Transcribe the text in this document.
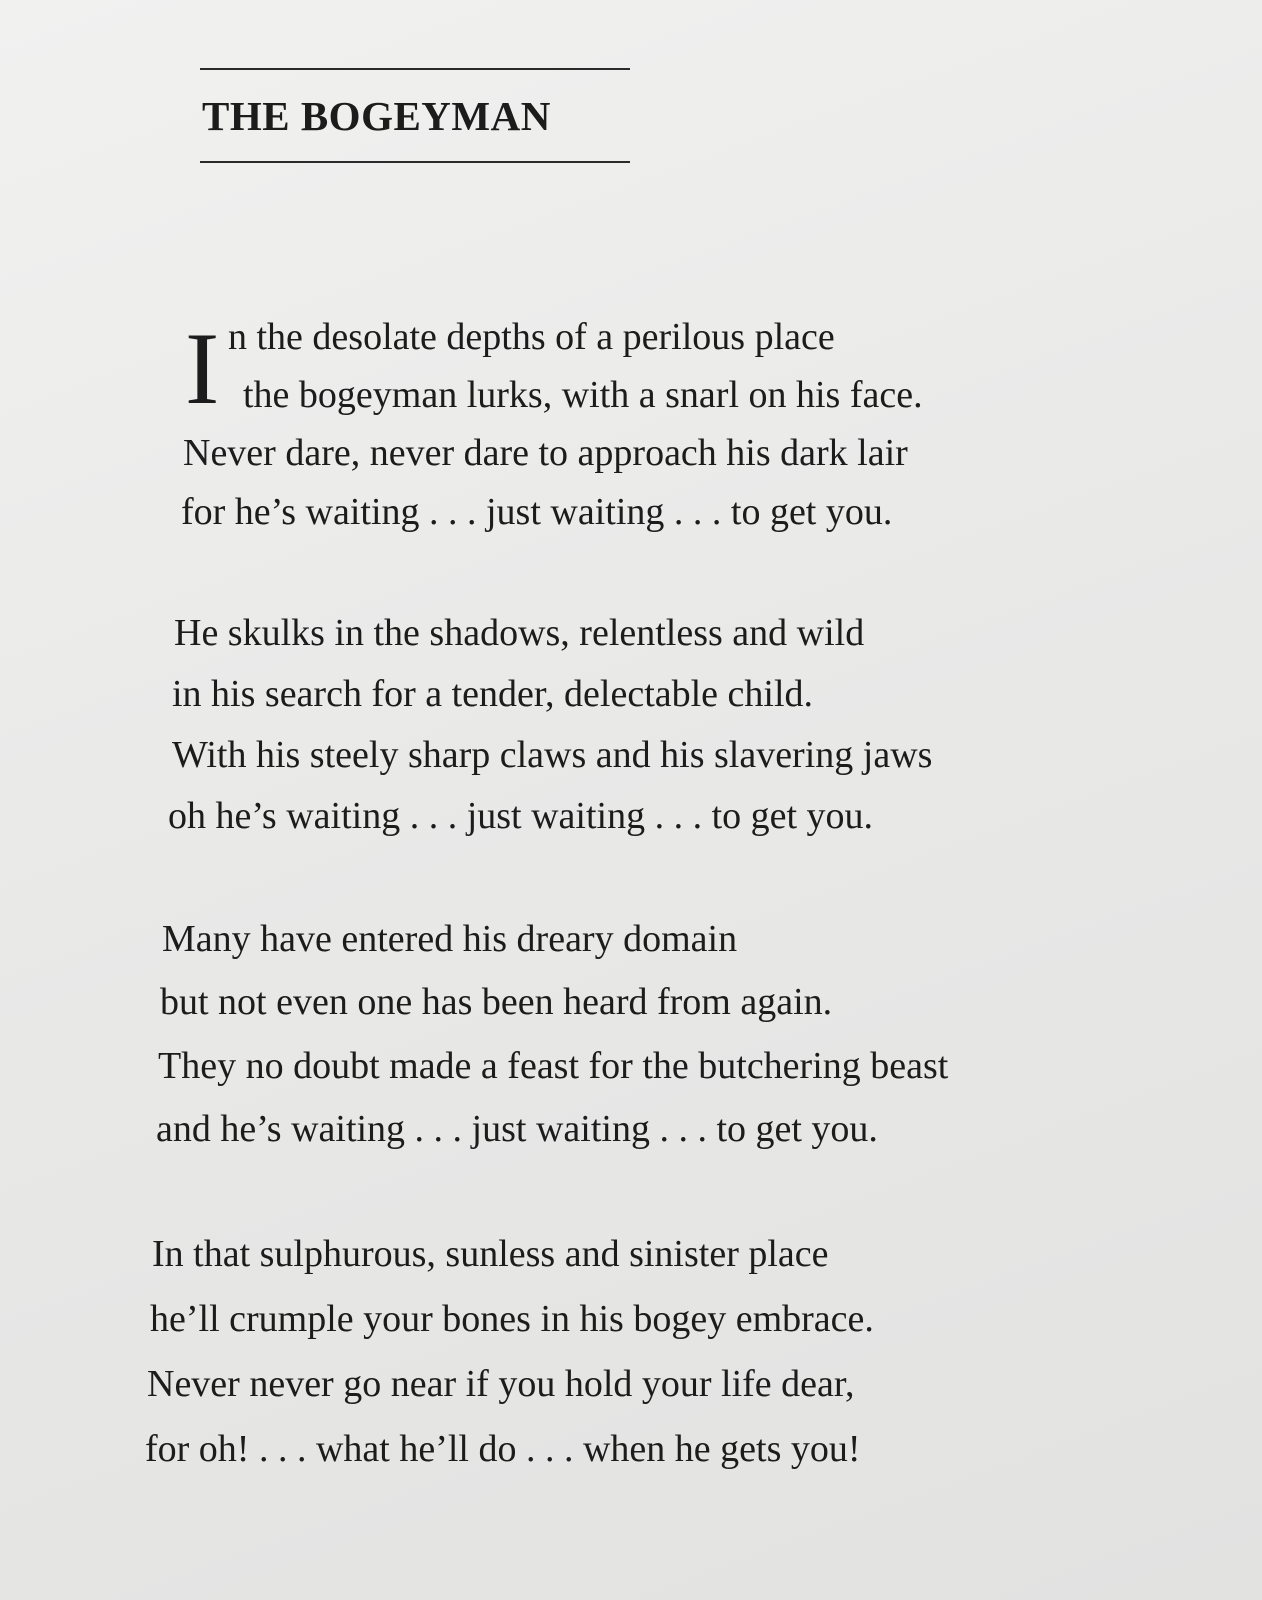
THE BOGEYMAN
I n the desolate depths of a perilous place
the bogeyman lurks, with a snarl on his face.
Never dare, never dare to approach his dark lair
for he’s waiting . . . just waiting . . . to get you.
He skulks in the shadows, relentless and wild
in his search for a tender, delectable child.
With his steely sharp claws and his slavering jaws
oh he’s waiting . . . just waiting . . . to get you.
Many have entered his dreary domain
but not even one has been heard from again.
They no doubt made a feast for the butchering beast
and he’s waiting . . . just waiting . . . to get you.
In that sulphurous, sunless and sinister place
he’ll crumple your bones in his bogey embrace.
Never never go near if you hold your life dear,
for oh! . . . what he’ll do . . . when he gets you!
